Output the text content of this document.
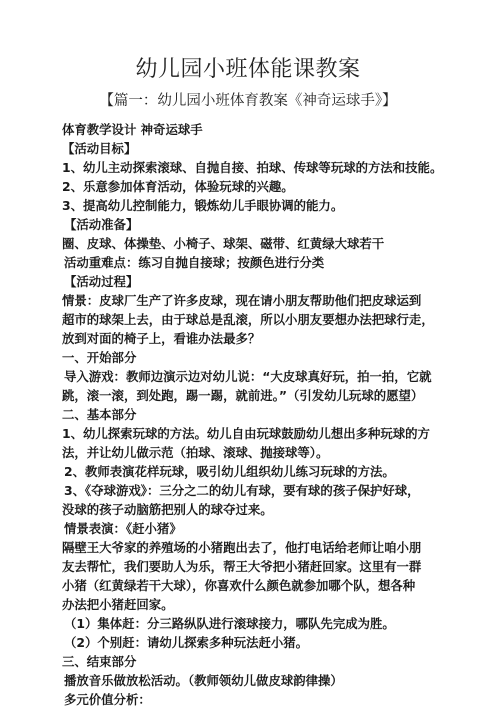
幼儿园小班体能课教案
【篇一：幼儿园小班体育教案《神奇运球手》】
体育教学设计 神奇运球手
【活动目标】
1、幼儿主动探索滚球、自抛自接、拍球、传球等玩球的方法和技能。
2、乐意参加体育活动，体验玩球的兴趣。
3、提高幼儿控制能力，锻炼幼儿手眼协调的能力。
【活动准备】
圈、皮球、体操垫、小椅子、球架、磁带、红黄绿大球若干
活动重难点：练习自抛自接球；按颜色进行分类
【活动过程】
情景：皮球厂生产了许多皮球，现在请小朋友帮助他们把皮球运到
超市的球架上去，由于球总是乱滚，所以小朋友要想办法把球行走，
放到对面的椅子上，看谁办法最多？
一、开始部分
导入游戏：教师边演示边对幼儿说：“大皮球真好玩，拍一拍，它就
跳，滚一滚，到处跑，踢一踢，就前进。”（引发幼儿玩球的愿望）
二、基本部分
1、幼儿探索玩球的方法。幼儿自由玩球鼓励幼儿想出多种玩球的方
法，并让幼儿做示范（拍球、滚球、抛接球等）。
2、教师表演花样玩球，吸引幼儿组织幼儿练习玩球的方法。
3、《夺球游戏》：三分之二的幼儿有球，要有球的孩子保护好球，
没球的孩子动脑筋把别人的球夺过来。
情景表演：《赶小猪》
隔壁王大爷家的养殖场的小猪跑出去了，他打电话给老师让咱小朋
友去帮忙，我们要助人为乐，帮王大爷把小猪赶回家。这里有一群
小猪（红黄绿若干大球），你喜欢什么颜色就参加哪个队，想各种
办法把小猪赶回家。
（1）集体赶：分三路纵队进行滚球接力，哪队先完成为胜。
（2）个别赶：请幼儿探索多种玩法赶小猪。
三、结束部分
播放音乐做放松活动。（教师领幼儿做皮球韵律操）
多元价值分析：
